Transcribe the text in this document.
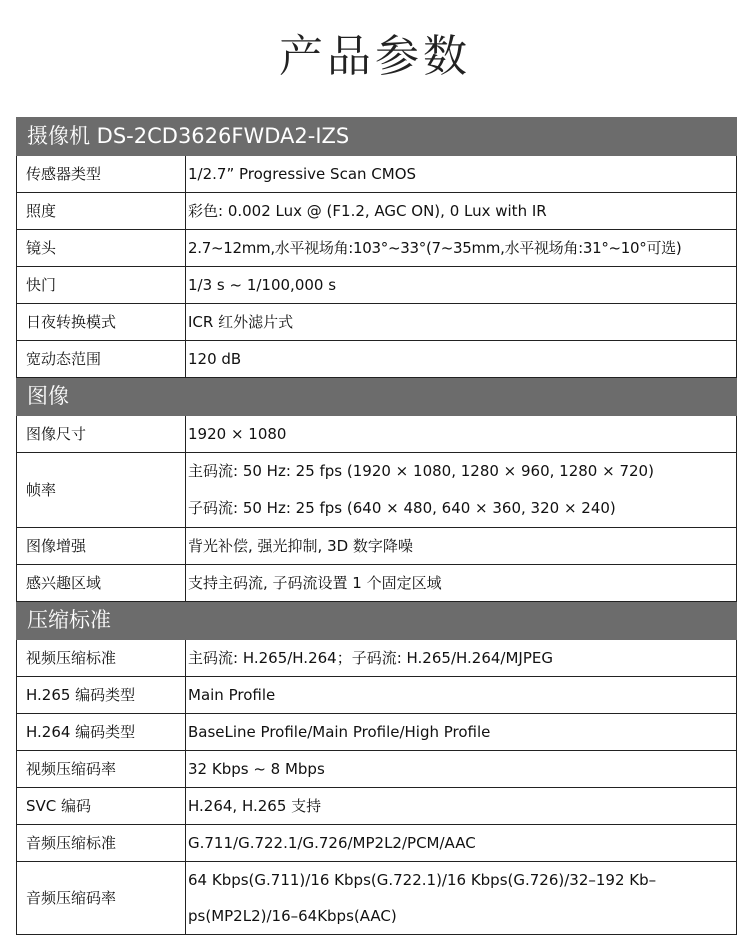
产品参数
摄像机 DS-2CD3626FWDA2-IZS	
传感器类型	1/2.7” Progressive Scan CMOS
照度	彩色: 0.002 Lux @ (F1.2, AGC ON), 0 Lux with IR
镜头	2.7~12mm,水平视场角:103°~33°(7~35mm,水平视场角:31°~10°可选)
快门	1/3 s ~ 1/100,000 s
日夜转换模式	ICR 红外滤片式
宽动态范围	120 dB
图像	
图像尺寸	1920 × 1080
帧率	主码流: 50 Hz: 25 fps (1920 × 1080, 1280 × 960, 1280 × 720)
子码流: 50 Hz: 25 fps (640 × 480, 640 × 360, 320 × 240)

图像增强	背光补偿, 强光抑制, 3D 数字降噪
感兴趣区域	支持主码流, 子码流设置 1 个固定区域
压缩标准	
视频压缩标准	主码流: H.265/H.264；子码流: H.265/H.264/MJPEG
H.265 编码类型	Main Profile
H.264 编码类型	BaseLine Profile/Main Profile/High Profile
视频压缩码率	32 Kbps ~ 8 Mbps
SVC 编码	H.264, H.265 支持
音频压缩标准	G.711/G.722.1/G.726/MP2L2/PCM/AAC
音频压缩码率	64 Kbps(G.711)/16 Kbps(G.722.1)/16 Kbps(G.726)/32–192 Kb–
ps(MP2L2)/16–64Kbps(AAC)
